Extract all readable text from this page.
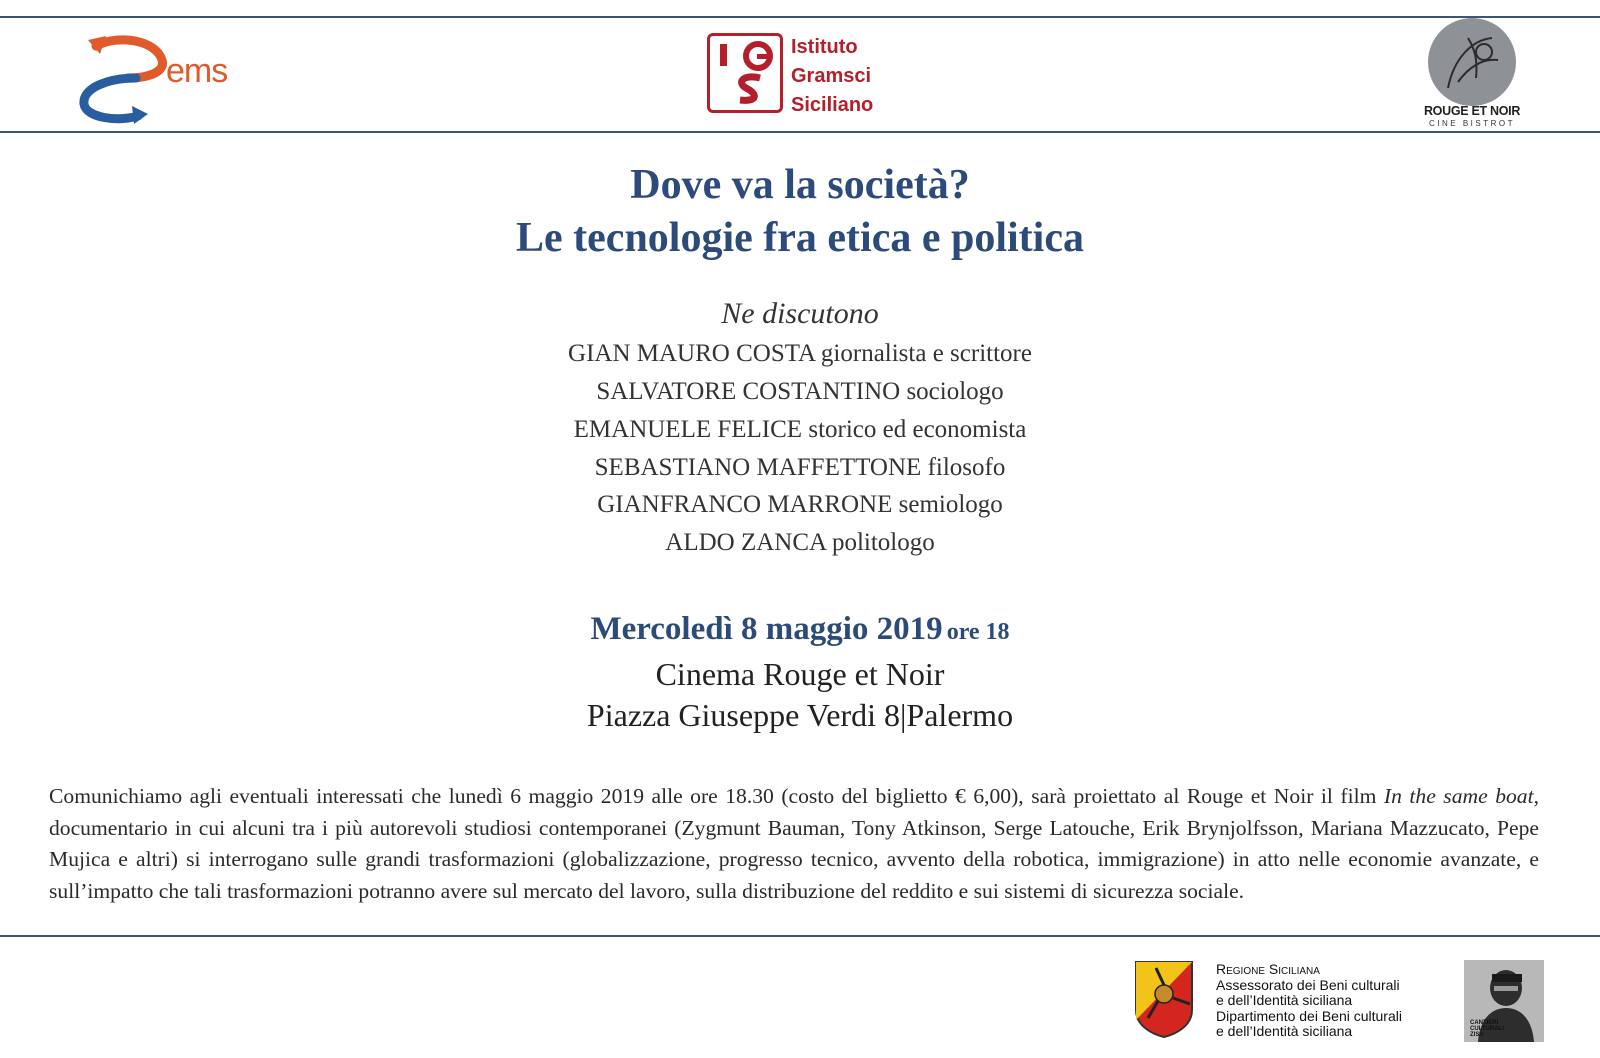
ems
Istituto
Gramsci
Siciliano	ROUGE ET NOIR
CINE BISTROT
Dove va la società?
Le tecnologie fra etica e politica
Ne discutono
GIAN MAURO COSTA giornalista e scrittore
SALVATORE COSTANTINO sociologo
EMANUELE FELICE storico ed economista
SEBASTIANO MAFFETTONE filosofo
GIANFRANCO MARRONE semiologo
ALDO ZANCA politologo
Mercoledì 8 maggio 2019 ore 18
Cinema Rouge et Noir
Piazza Giuseppe Verdi 8|Palermo
Comunichiamo agli eventuali interessati che lunedì 6 maggio 2019 alle ore 18.30 (costo del biglietto € 6,00), sarà proiettato al Rouge et Noir il film In the same boat, documentario in cui alcuni tra i più autorevoli studiosi contemporanei (Zygmunt Bauman, Tony Atkinson, Serge Latouche, Erik Brynjolfsson, Mariana Mazzucato, Pepe Mujica e altri) si interrogano sulle grandi trasformazioni (globalizzazione, progresso tecnico, avvento della robotica, immigrazione) in atto nelle economie avanzate, e sull’impatto che tali trasformazioni potranno avere sul mercato del lavoro, sulla distribuzione del reddito e sui sistemi di sicurezza sociale.
Regione Siciliana
Assessorato dei Beni culturali
e dell’Identità siciliana
Dipartimento dei Beni culturali
e dell’Identità siciliana	CANTIERI
CULTURALI
ZISA
